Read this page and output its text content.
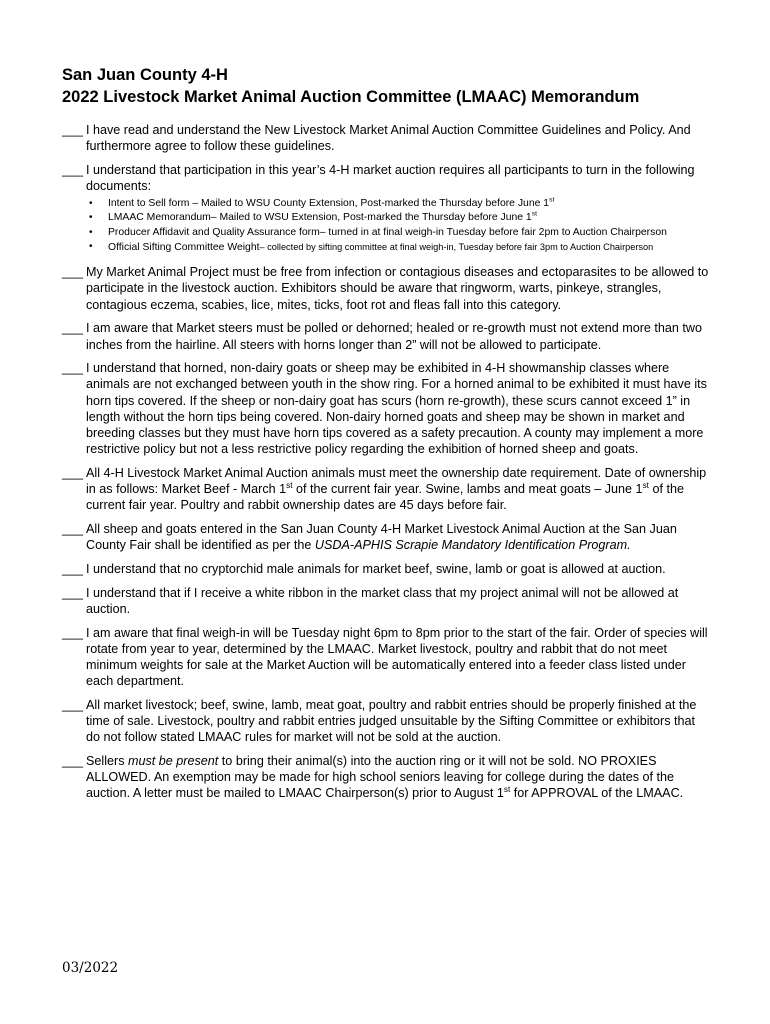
San Juan County 4-H

2022 Livestock Market Animal Auction Committee (LMAAC) Memorandum

___ I have read and understand the New Livestock Market Animal Auction Committee Guidelines and Policy. And furthermore agree to follow these guidelines.

___ I understand that participation in this year’s 4-H market auction requires all participants to turn in the following documents:

• Intent to Sell form – Mailed to WSU County Extension, Post-marked the Thursday before June 1st
• LMAAC Memorandum– Mailed to WSU Extension, Post-marked the Thursday before June 1st
• Producer Affidavit and Quality Assurance form– turned in at final weigh-in Tuesday before fair 2pm to Auction Chairperson
• Official Sifting Committee Weight– collected by sifting committee at final weigh-in, Tuesday before fair 3pm to Auction Chairperson

___ My Market Animal Project must be free from infection or contagious diseases and ectoparasites to be allowed to participate in the livestock auction. Exhibitors should be aware that ringworm, warts, pinkeye, strangles, contagious eczema, scabies, lice, mites, ticks, foot rot and fleas fall into this category.

___ I am aware that Market steers must be polled or dehorned; healed or re-growth must not extend more than two inches from the hairline. All steers with horns longer than 2” will not be allowed to participate.

___ I understand that horned, non-dairy goats or sheep may be exhibited in 4-H showmanship classes where animals are not exchanged between youth in the show ring. For a horned animal to be exhibited it must have its horn tips covered. If the sheep or non-dairy goat has scurs (horn re-growth), these scurs cannot exceed 1” in length without the horn tips being covered. Non-dairy horned goats and sheep may be shown in market and breeding classes but they must have horn tips covered as a safety precaution. A county may implement a more restrictive policy but not a less restrictive policy regarding the exhibition of horned sheep and goats.

___ All 4-H Livestock Market Animal Auction animals must meet the ownership date requirement. Date of ownership in as follows: Market Beef - March 1st of the current fair year. Swine, lambs and meat goats – June 1st of the current fair year. Poultry and rabbit ownership dates are 45 days before fair.

___ All sheep and goats entered in the San Juan County 4-H Market Livestock Animal Auction at the San Juan County Fair shall be identified as per the USDA-APHIS Scrapie Mandatory Identification Program.

___ I understand that no cryptorchid male animals for market beef, swine, lamb or goat is allowed at auction.

___ I understand that if I receive a white ribbon in the market class that my project animal will not be allowed at auction.

___ I am aware that final weigh-in will be Tuesday night 6pm to 8pm prior to the start of the fair. Order of species will rotate from year to year, determined by the LMAAC. Market livestock, poultry and rabbit that do not meet minimum weights for sale at the Market Auction will be automatically entered into a feeder class listed under each department.

___ All market livestock; beef, swine, lamb, meat goat, poultry and rabbit entries should be properly finished at the time of sale. Livestock, poultry and rabbit entries judged unsuitable by the Sifting Committee or exhibitors that do not follow stated LMAAC rules for market will not be sold at the auction.

___ Sellers must be present to bring their animal(s) into the auction ring or it will not be sold. NO PROXIES ALLOWED. An exemption may be made for high school seniors leaving for college during the dates of the auction. A letter must be mailed to LMAAC Chairperson(s) prior to August 1st for APPROVAL of the LMAAC.

03/2022
